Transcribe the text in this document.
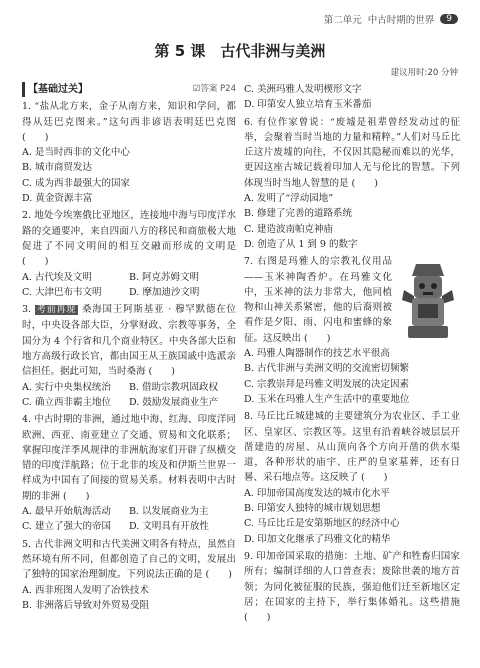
第二单元 中古时期的世界	9
第 5 课　古代非洲与美洲
建议用时:20 分钟
【基础过关】	☑答案 P24

1. “盐从北方来，金子从南方来，知识和学问，都得从廷巴克图来。”这句西非谚语表明廷巴克图 (　　)

A. 是当时西非的文化中心

B. 城市商贸发达

C. 成为西非最强大的国家

D. 黄金资源丰富

2. 地处今埃塞俄比亚地区，连接地中海与印度洋水路的交通要冲，来自四面八方的移民和商旅极大地促进了不同文明间的相互交融而形成的文明是 (　　)

A. 古代埃及文明	B. 阿克苏姆文明
C. 大津巴布韦文明	D. 摩加迪沙文明

3. 考前再现 桑海国王阿斯基亚 · 穆罕默德在位时，中央设各部大臣，分掌财政、宗教等事务，全国分为 4 个行省和几个商业特区。中央各部大臣和地方高级行政长官，都由国王从王族国戚中选派亲信担任。据此可知，当时桑海 (　　)

A. 实行中央集权统治	B. 借助宗教巩固政权
C. 确立西非霸主地位	D. 鼓励发展商业生产

4. 中古时期的非洲，通过地中海、红海、印度洋同欧洲、西亚、南亚建立了交通、贸易和文化联系；掌握印度洋季风规律的非洲航海家们开辟了纵横交错的印度洋航路；位于北非的埃及和伊斯兰世界一样成为中国有了间接的贸易关系。材料表明中古时期的非洲 (　　)

A. 最早开始航海活动	B. 以发展商业为主
C. 建立了强大的帝国	D. 文明具有开放性

5. 古代非洲文明和古代美洲文明各有特点，虽然自然环境有所不同，但都创造了自己的文明，发展出了独特的国家治理制度。下列说法正确的是 (　　)

A. 西非班图人发明了冶铁技术

B. 非洲落后导致对外贸易受阻

C. 美洲玛雅人发明楔形文字

D. 印第安人独立培育玉米番茄

6. 有位作家曾说：“废墟是祖辈曾经发动过的征举，会聚着当时当地的力量和精粹。”人们对马丘比丘这片废墟的向往，不仅因其隐秘而难以的光华，更因这座古城记载着印加人无与伦比的智慧。下列体现当时当地人智慧的是 (　　)

A. 发明了“浮动园地”

B. 修建了完善的道路系统

C. 建造波南帕克神庙

D. 创造了从 1 到 9 的数字

7. 右图是玛雅人的宗教礼仪用品——玉米神陶香炉。在玛雅文化中，玉米神的法力非常大，他同植物和山神关系紧密，他的后裔则被看作是夕阳、雨、闪电和蜜蜂的象征。这反映出 (　　)

A. 玛雅人陶器制作的技艺水平很高

B. 古代非洲与美洲文明的交流密切频繁

C. 宗教崇拜是玛雅文明发展的决定因素

D. 玉米在玛雅人生产生活中的重要地位

8. 马丘比丘城建城的主要建筑分为农业区、手工业区、皇家区、宗教区等。这里有沿着峡谷坡层层开凿建造的房屋、从山顶向各个方向开凿的供水渠道，各种形状的庙宇、庄严的皇家墓葬，还有日晷、采石地点等。这反映了 (　　)

A. 印加帝国高度发达的城市化水平

B. 印第安人独特的城市规划思想

C. 马丘比丘是安第斯地区的经济中心

D. 印加文化继承了玛雅文化的精华

9. 印加帝国采取的措施：土地、矿产和牲畜归国家所有；编制详细的人口普查表；废除世袭的地方首领；为同化被征服的民族，强迫他们迁至新地区定居；在国家的主持下，举行集体婚礼。这些措施 (　　)
